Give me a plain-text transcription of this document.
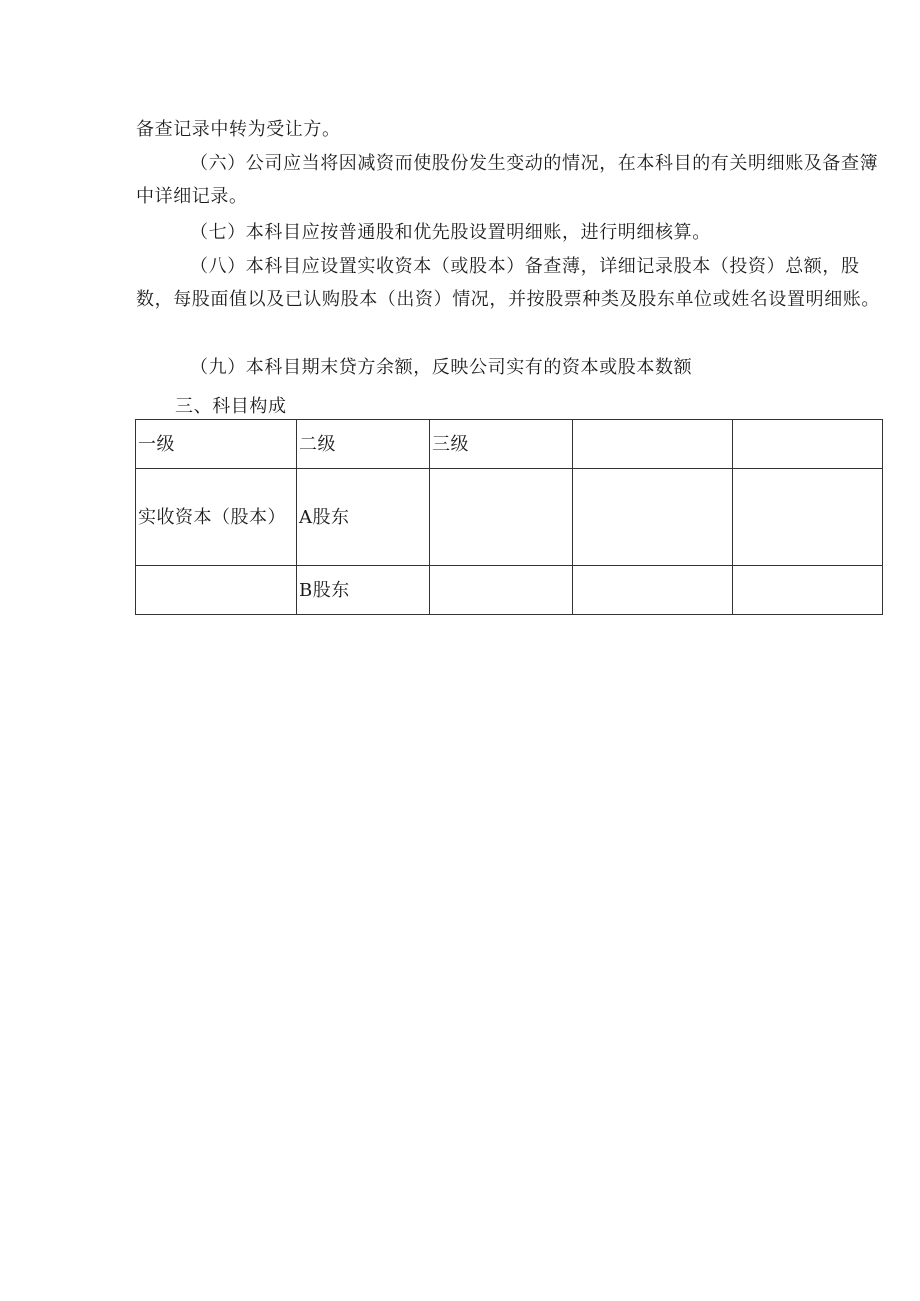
备查记录中转为受让方。

（六）公司应当将因减资而使股份发生变动的情况，在本科目的有关明细账及备查簿中详细记录。

（七）本科目应按普通股和优先股设置明细账，进行明细核算。

（八）本科目应设置实收资本（或股本）备查薄，详细记录股本（投资）总额，股数，每股面值以及已认购股本（出资）情况，并按股票种类及股东单位或姓名设置明细账。

（九）本科目期末贷方余额，反映公司实有的资本或股本数额

三、科目构成

一级	二级	三级		
实收资本（股本）	A股东			
	B股东			
